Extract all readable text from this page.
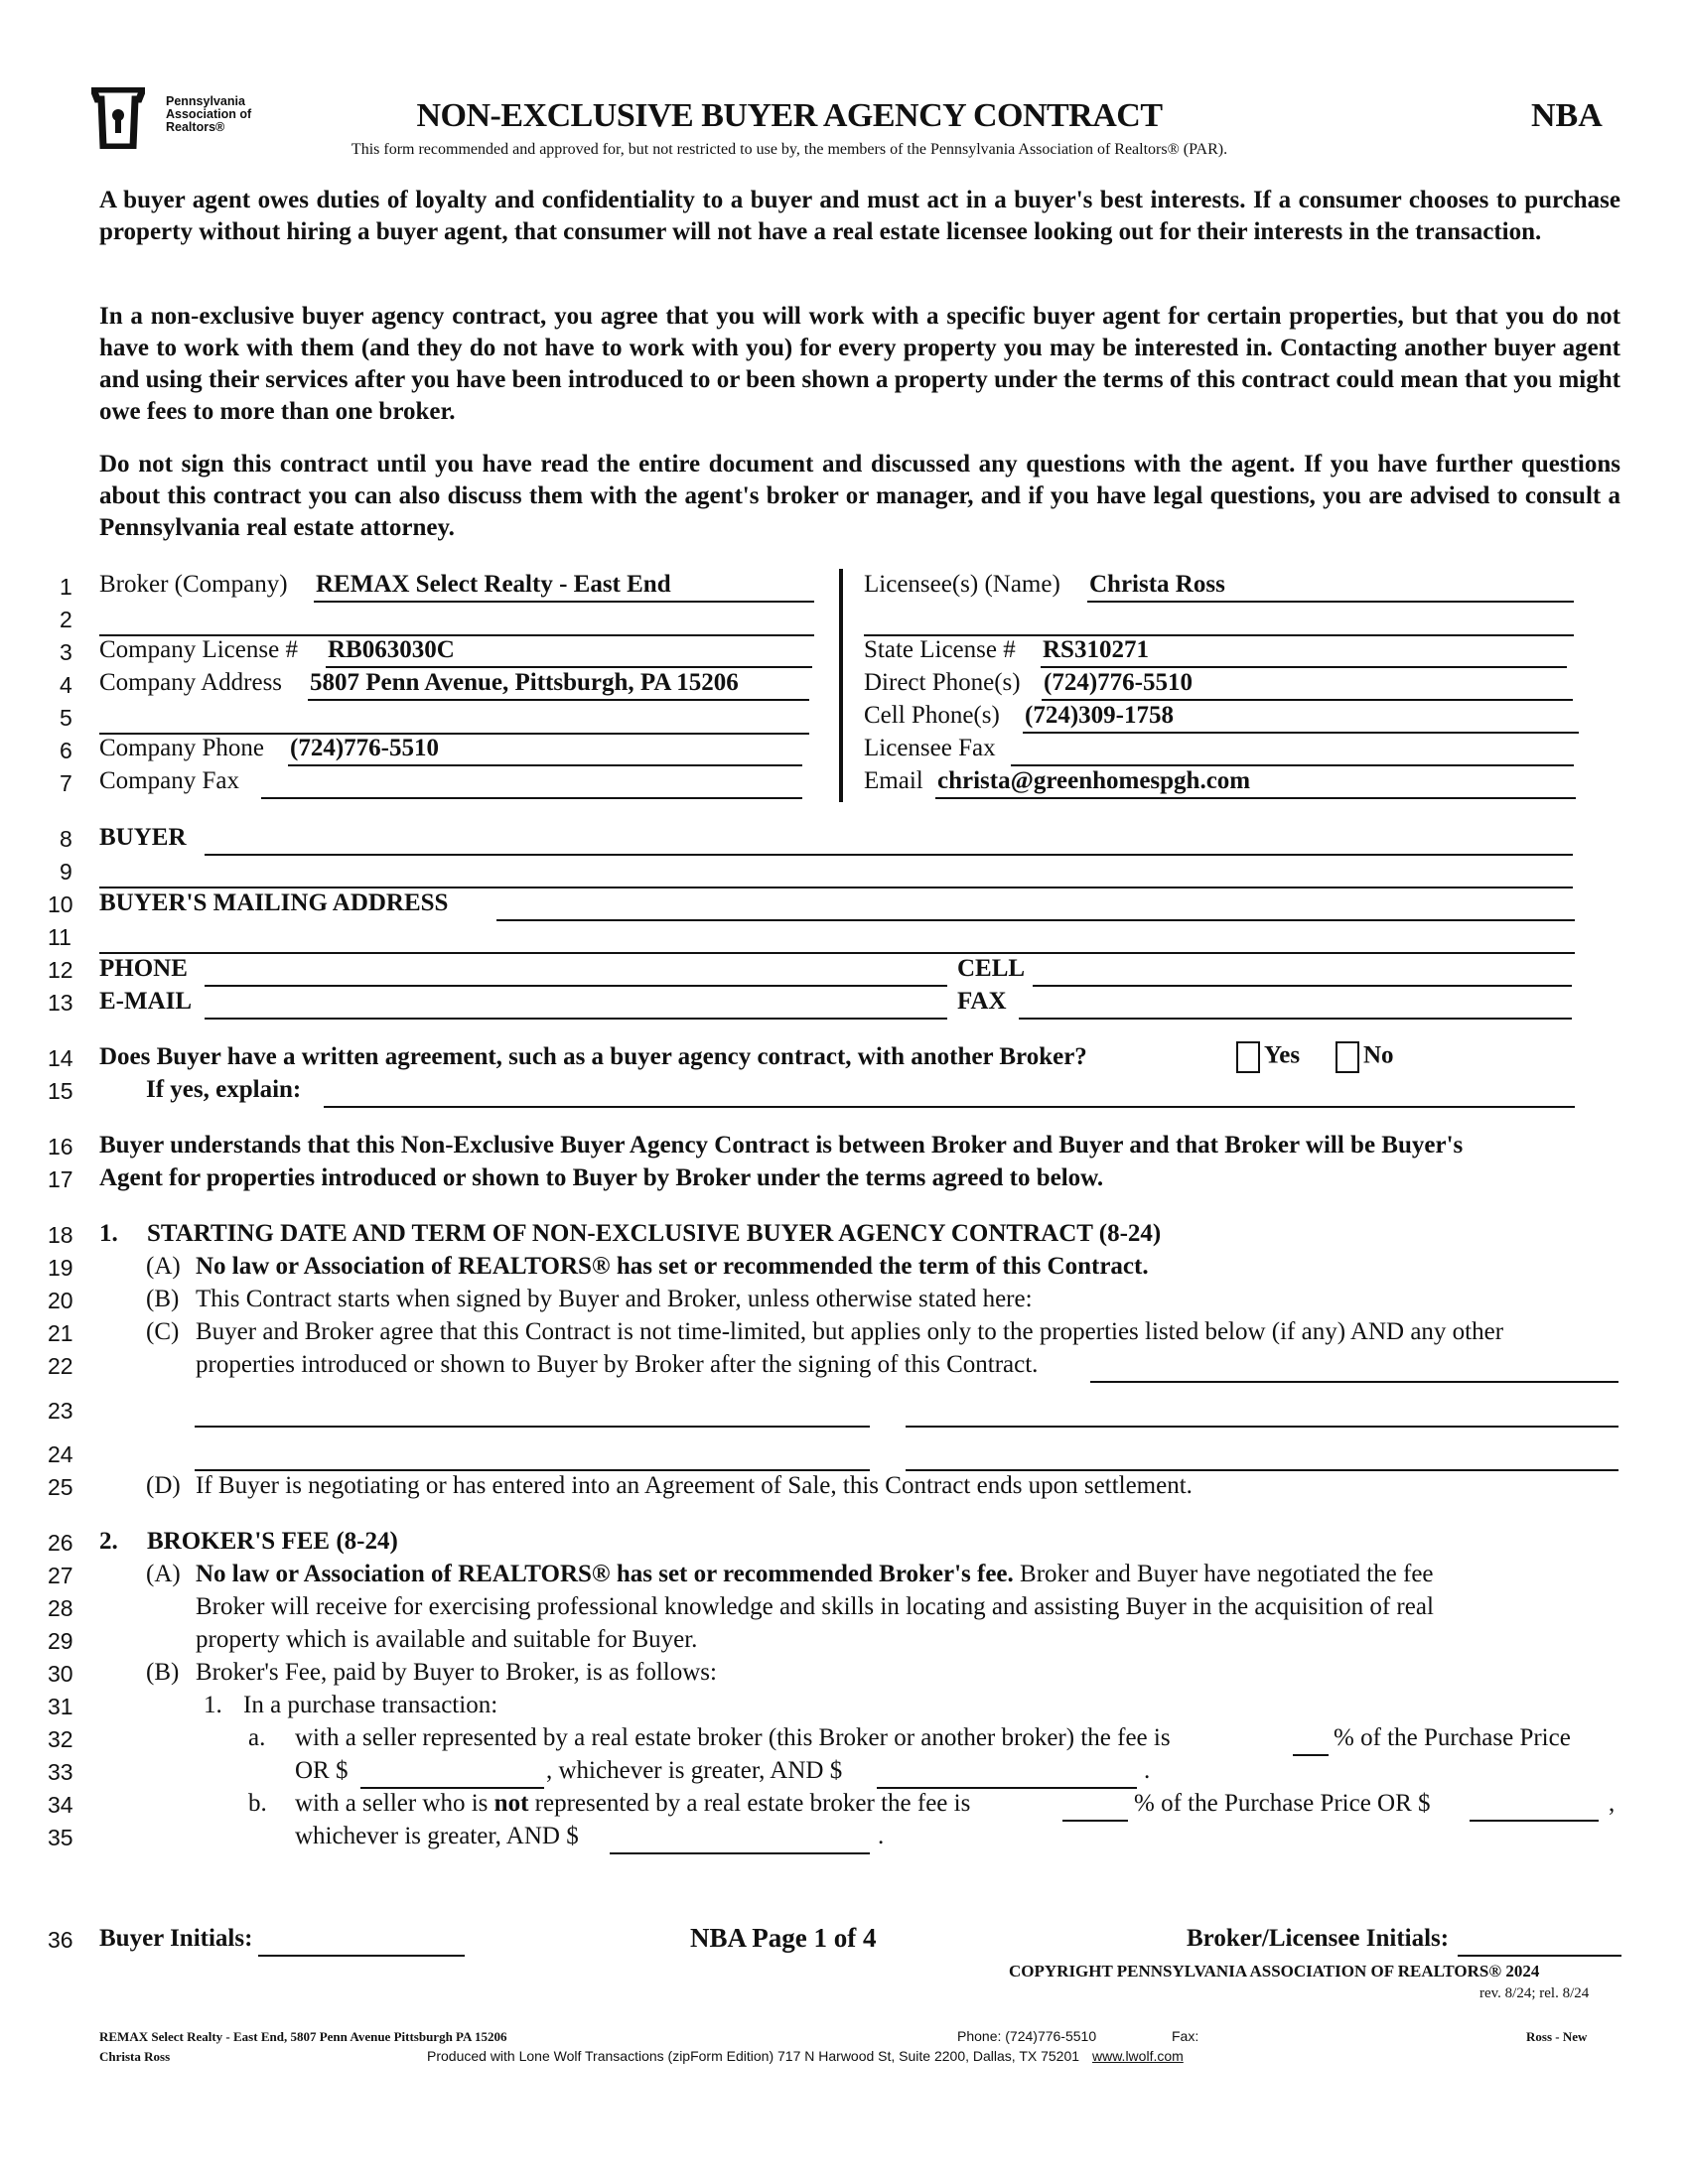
Pennsylvania
Association of
Realtors®	NON-EXCLUSIVE BUYER AGENCY CONTRACT	NBA
This form recommended and approved for, but not restricted to use by, the members of the Pennsylvania Association of Realtors® (PAR).
A buyer agent owes duties of loyalty and confidentiality to a buyer and must act in a buyer's best interests. If a consumer chooses to purchase property without hiring a buyer agent, that consumer will not have a real estate licensee looking out for their interests in the transaction.
In a non-exclusive buyer agency contract, you agree that you will work with a specific buyer agent for certain properties, but that you do not have to work with them (and they do not have to work with you) for every property you may be interested in. Contacting another buyer agent and using their services after you have been introduced to or been shown a property under the terms of this contract could mean that you might owe fees to more than one broker.
Do not sign this contract until you have read the entire document and discussed any questions with the agent. If you have further questions about this contract you can also discuss them with the agent's broker or manager, and if you have legal questions, you are advised to consult a Pennsylvania real estate attorney.
1
2
3
4
5
6
7
8
9
10
11
12
13
14
15
16
17
18
19
20
21
22
23
24
25
26
27
28
29
30
31
32
33
34
35
36
Broker (Company) REMAX Select Realty - East End
Company License # RB063030C
Company Address 5807 Penn Avenue, Pittsburgh, PA 15206
Company Phone (724)776-5510
Company Fax
Licensee(s) (Name) Christa Ross
State License # RS310271
Direct Phone(s) (724)776-5510
Cell Phone(s) (724)309-1758
Licensee Fax
Email christa@greenhomespgh.com
BUYER
BUYER'S MAILING ADDRESS
PHONE	CELL
E-MAIL	FAX
Does Buyer have a written agreement, such as a buyer agency contract, with another Broker?	Yes	No
If yes, explain:
Buyer understands that this Non-Exclusive Buyer Agency Contract is between Broker and Buyer and that Broker will be Buyer's
Agent for properties introduced or shown to Buyer by Broker under the terms agreed to below.
1. STARTING DATE AND TERM OF NON-EXCLUSIVE BUYER AGENCY CONTRACT (8-24)
(A) No law or Association of REALTORS® has set or recommended the term of this Contract.
(B) This Contract starts when signed by Buyer and Broker, unless otherwise stated here:
(C) Buyer and Broker agree that this Contract is not time-limited, but applies only to the properties listed below (if any) AND any other
properties introduced or shown to Buyer by Broker after the signing of this Contract.
(D) If Buyer is negotiating or has entered into an Agreement of Sale, this Contract ends upon settlement.
2. BROKER'S FEE (8-24)
(A) No law or Association of REALTORS® has set or recommended Broker's fee. Broker and Buyer have negotiated the fee
Broker will receive for exercising professional knowledge and skills in locating and assisting Buyer in the acquisition of real
property which is available and suitable for Buyer.
(B) Broker's Fee, paid by Buyer to Broker, is as follows:
1. In a purchase transaction:
a. with a seller represented by a real estate broker (this Broker or another broker) the fee is	% of the Purchase Price
OR $	, whichever is greater, AND $	.
b. with a seller who is not represented by a real estate broker the fee is	% of the Purchase Price OR $	,
whichever is greater, AND $	.
Buyer Initials:	NBA Page 1 of 4	Broker/Licensee Initials:
COPYRIGHT PENNSYLVANIA ASSOCIATION OF REALTORS® 2024
rev. 8/24; rel. 8/24
REMAX Select Realty - East End, 5807 Penn Avenue Pittsburgh PA 15206
Christa Ross
Phone: (724)776-5510	Fax:	Ross - New
Produced with Lone Wolf Transactions (zipForm Edition) 717 N Harwood St, Suite 2200, Dallas, TX 75201 www.lwolf.com
